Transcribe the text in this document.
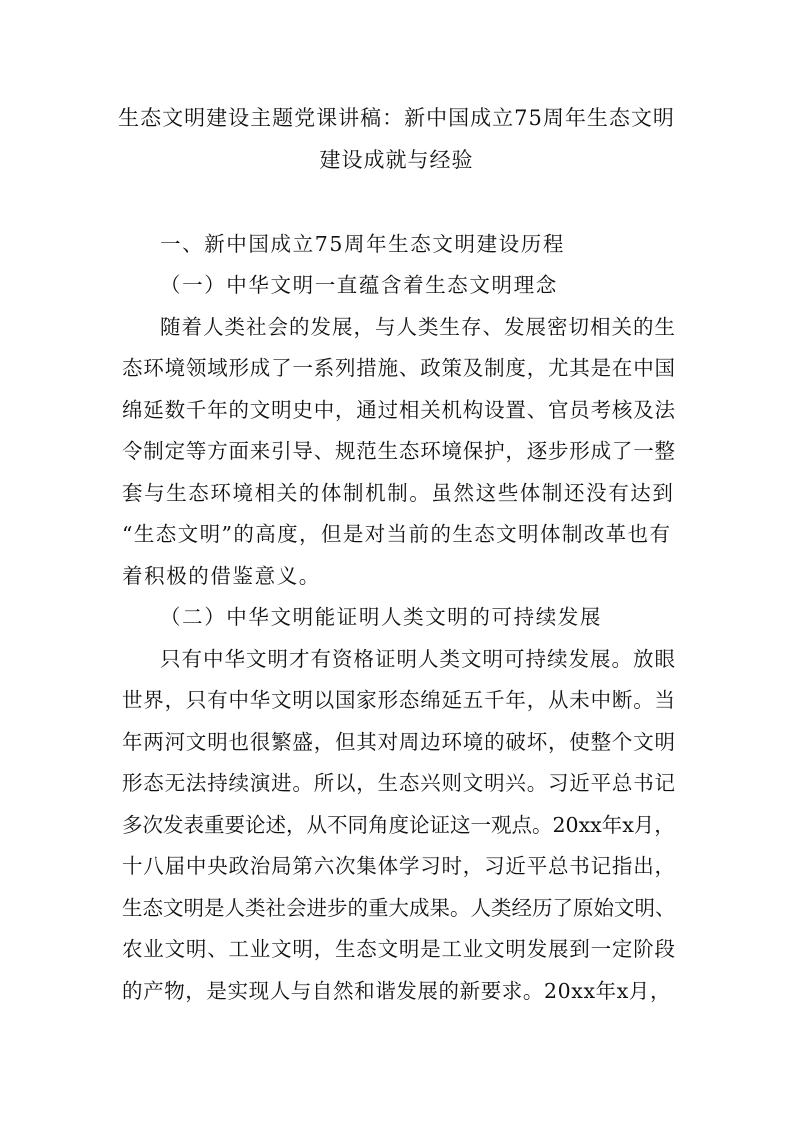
生态文明建设主题党课讲稿：新中国成立75周年生态文明
建设成就与经验
一、新中国成立75周年生态文明建设历程
（一）中华文明一直蕴含着生态文明理念
随着人类社会的发展，与人类生存、发展密切相关的生
态环境领域形成了一系列措施、政策及制度，尤其是在中国
绵延数千年的文明史中，通过相关机构设置、官员考核及法
令制定等方面来引导、规范生态环境保护，逐步形成了一整
套与生态环境相关的体制机制。虽然这些体制还没有达到
“生态文明”的高度，但是对当前的生态文明体制改革也有
着积极的借鉴意义。
（二）中华文明能证明人类文明的可持续发展
只有中华文明才有资格证明人类文明可持续发展。放眼
世界，只有中华文明以国家形态绵延五千年，从未中断。当
年两河文明也很繁盛，但其对周边环境的破坏，使整个文明
形态无法持续演进。所以，生态兴则文明兴。习近平总书记
多次发表重要论述，从不同角度论证这一观点。20xx年x月，
十八届中央政治局第六次集体学习时，习近平总书记指出，
生态文明是人类社会进步的重大成果。人类经历了原始文明、
农业文明、工业文明，生态文明是工业文明发展到一定阶段
的产物，是实现人与自然和谐发展的新要求。20xx年x月，
